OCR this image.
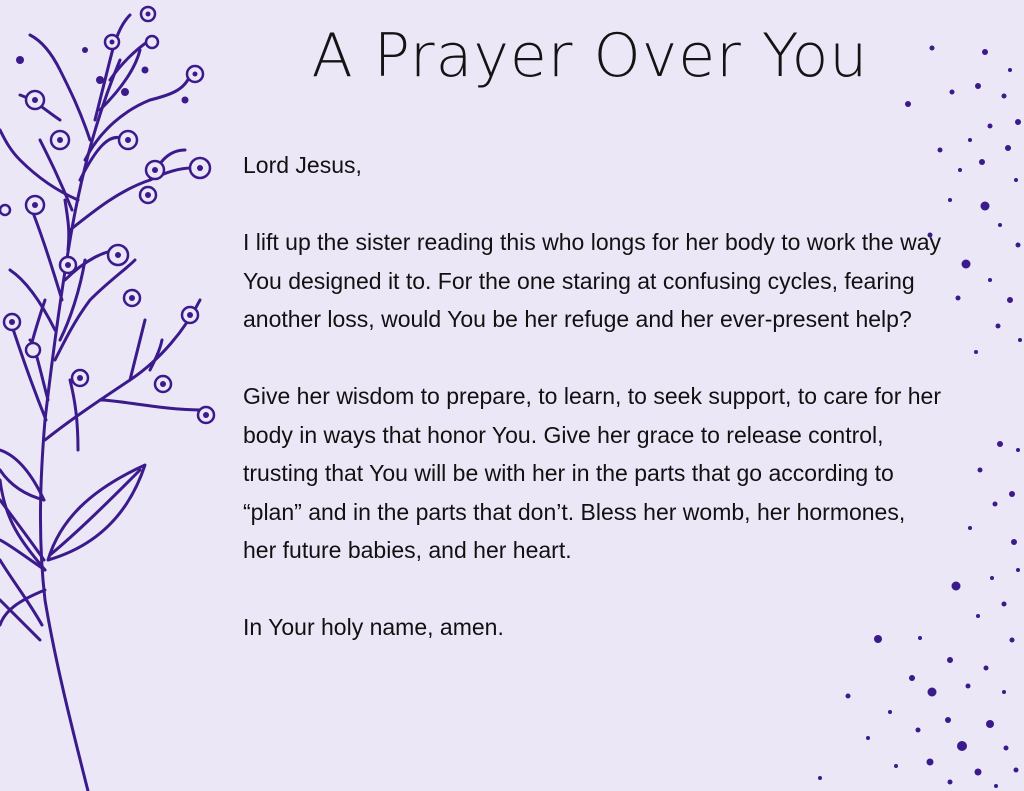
A Prayer Over You

Lord Jesus,

I lift up the sister reading this who longs for her body to work the way You designed it to. For the one staring at confusing cycles, fearing another loss, would You be her refuge and her ever-present help?

Give her wisdom to prepare, to learn, to seek support, to care for her body in ways that honor You. Give her grace to release control, trusting that You will be with her in the parts that go according to “plan” and in the parts that don’t. Bless her womb, her hormones, her future babies, and her heart.

In Your holy name, amen.
